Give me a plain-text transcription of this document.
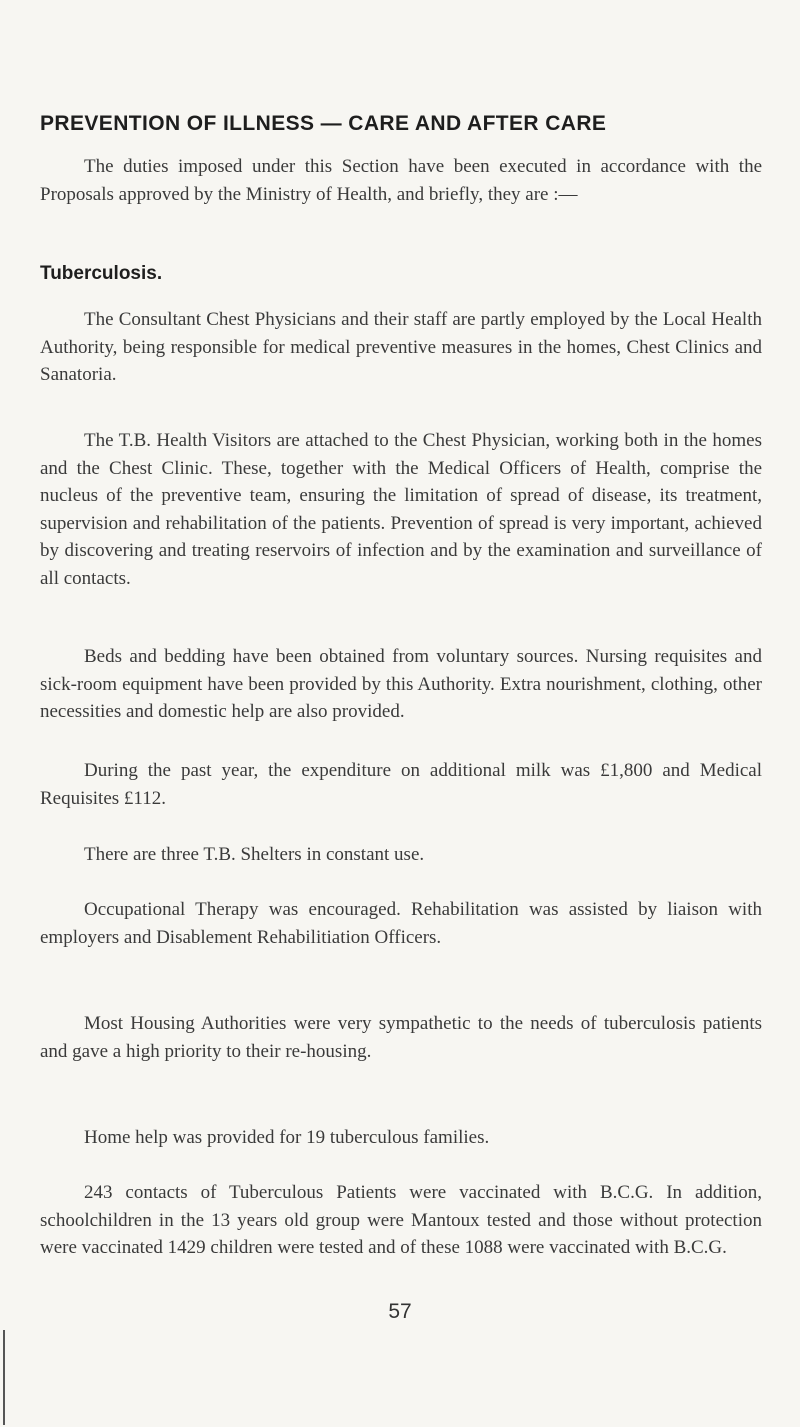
PREVENTION OF ILLNESS — CARE AND AFTER CARE

The duties imposed under this Section have been executed in accordance with the Proposals approved by the Ministry of Health, and briefly, they are :—

Tuberculosis.

The Consultant Chest Physicians and their staff are partly employed by the Local Health Authority, being responsible for medical preventive measures in the homes, Chest Clinics and Sanatoria.

The T.B. Health Visitors are attached to the Chest Physician, working both in the homes and the Chest Clinic. These, together with the Medical Officers of Health, comprise the nucleus of the preventive team, ensuring the limitation of spread of disease, its treatment, supervision and rehabilitation of the patients. Prevention of spread is very important, achieved by discovering and treating reservoirs of infection and by the examination and surveillance of all contacts.

Beds and bedding have been obtained from voluntary sources. Nursing requisites and sick-room equipment have been provided by this Authority. Extra nourishment, clothing, other necessities and domestic help are also provided.

During the past year, the expenditure on additional milk was £1,800 and Medical Requisites £112.

There are three T.B. Shelters in constant use.

Occupational Therapy was encouraged. Rehabilitation was assisted by liaison with employers and Disablement Rehabilitiation Officers.

Most Housing Authorities were very sympathetic to the needs of tuberculosis patients and gave a high priority to their re-housing.

Home help was provided for 19 tuberculous families.

243 contacts of Tuberculous Patients were vaccinated with B.C.G. In addition, schoolchildren in the 13 years old group were Mantoux tested and those without protection were vaccinated 1429 children were tested and of these 1088 were vaccinated with B.C.G.

57
